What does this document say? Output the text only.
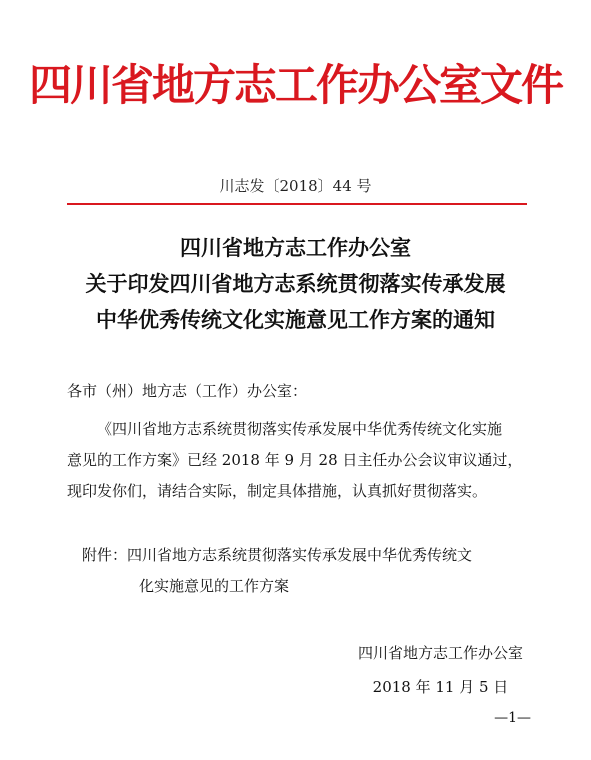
四川省地方志工作办公室文件
川志发〔2018〕44 号
四川省地方志工作办公室
关于印发四川省地方志系统贯彻落实传承发展
中华优秀传统文化实施意见工作方案的通知
各市（州）地方志（工作）办公室：
《四川省地方志系统贯彻落实传承发展中华优秀传统文化实施
意见的工作方案》已经 2018 年 9 月 28 日主任办公会议审议通过，
现印发你们，请结合实际，制定具体措施，认真抓好贯彻落实。
附件：四川省地方志系统贯彻落实传承发展中华优秀传统文
化实施意见的工作方案
四川省地方志工作办公室
2018 年 11 月 5 日
—1—
